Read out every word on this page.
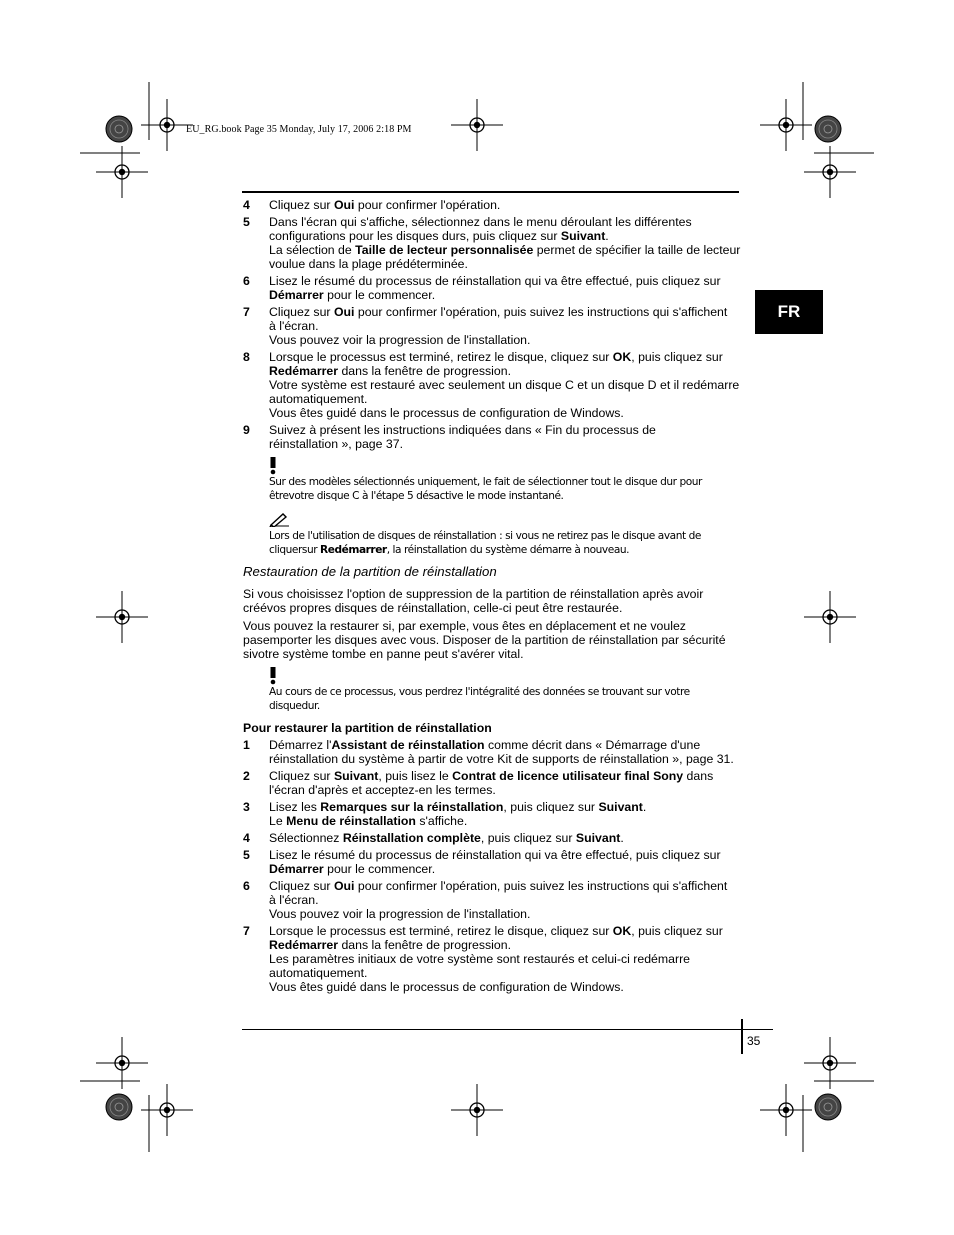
EU_RG.book Page 35 Monday, July 17, 2006 2:18 PM
FR
4 Cliquez sur Oui pour confirmer l'opération.
5 Dans l'écran qui s'affiche, sélectionnez dans le menu déroulant les différentes
configurations pour les disques durs, puis cliquez sur Suivant.
La sélection de Taille de lecteur personnalisée permet de spécifier la taille de lecteur
voulue dans la plage prédéterminée.
6 Lisez le résumé du processus de réinstallation qui va être effectué, puis cliquez sur
Démarrer pour le commencer.
7 Cliquez sur Oui pour confirmer l'opération, puis suivez les instructions qui s'affichent
à l'écran.
Vous pouvez voir la progression de l'installation.
8 Lorsque le processus est terminé, retirez le disque, cliquez sur OK, puis cliquez sur
Redémarrer dans la fenêtre de progression.
Votre système est restauré avec seulement un disque C et un disque D et il redémarre
automatiquement.
Vous êtes guidé dans le processus de configuration de Windows.
9 Suivez à présent les instructions indiquées dans « Fin du processus de
réinstallation », page 37.
Sur des modèles sélectionnés uniquement, le fait de sélectionner tout le disque dur pour êtrevotre disque C à l'étape 5 désactive le mode instantané.
Lors de l'utilisation de disques de réinstallation : si vous ne retirez pas le disque avant de cliquersur Redémarrer, la réinstallation du système démarre à nouveau.
Restauration de la partition de réinstallation
Si vous choisissez l'option de suppression de la partition de réinstallation après avoir créévos propres disques de réinstallation, celle-ci peut être restaurée.
Vous pouvez la restaurer si, par exemple, vous êtes en déplacement et ne voulez pasemporter les disques avec vous. Disposer de la partition de réinstallation par sécurité sivotre système tombe en panne peut s'avérer vital.
Au cours de ce processus, vous perdrez l'intégralité des données se trouvant sur votre disquedur.
Pour restaurer la partition de réinstallation
1 Démarrez l'Assistant de réinstallation comme décrit dans « Démarrage d'une
réinstallation du système à partir de votre Kit de supports de réinstallation », page 31.
2 Cliquez sur Suivant, puis lisez le Contrat de licence utilisateur final Sony dans
l'écran d'après et acceptez-en les termes.
3 Lisez les Remarques sur la réinstallation, puis cliquez sur Suivant.
Le Menu de réinstallation s'affiche.
4 Sélectionnez Réinstallation complète, puis cliquez sur Suivant.
5 Lisez le résumé du processus de réinstallation qui va être effectué, puis cliquez sur
Démarrer pour le commencer.
6 Cliquez sur Oui pour confirmer l'opération, puis suivez les instructions qui s'affichent
à l'écran.
Vous pouvez voir la progression de l'installation.
7 Lorsque le processus est terminé, retirez le disque, cliquez sur OK, puis cliquez sur
Redémarrer dans la fenêtre de progression.
Les paramètres initiaux de votre système sont restaurés et celui-ci redémarre
automatiquement.
Vous êtes guidé dans le processus de configuration de Windows.
35
